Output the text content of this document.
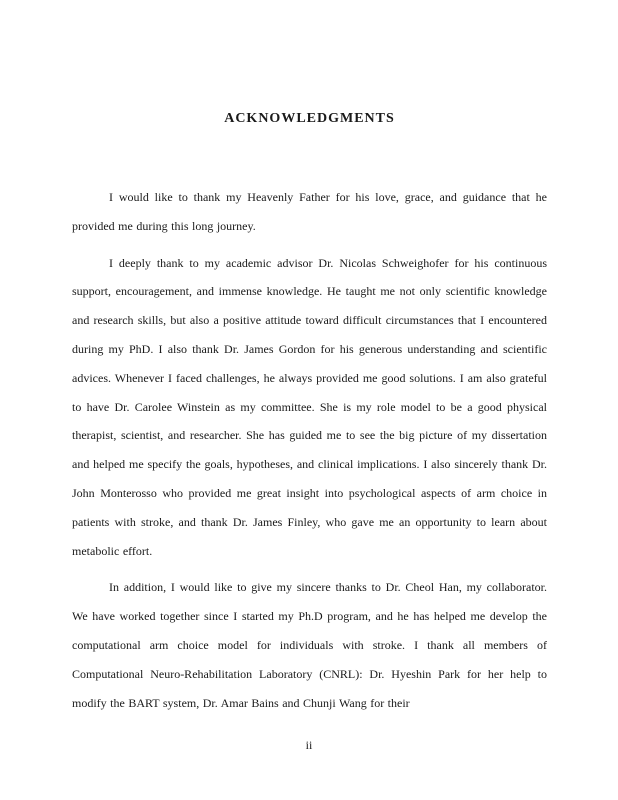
ACKNOWLEDGMENTS

I would like to thank my Heavenly Father for his love, grace, and guidance that he provided me during this long journey.

I deeply thank to my academic advisor Dr. Nicolas Schweighofer for his continuous support, encouragement, and immense knowledge. He taught me not only scientific knowledge and research skills, but also a positive attitude toward difficult circumstances that I encountered during my PhD. I also thank Dr. James Gordon for his generous understanding and scientific advices. Whenever I faced challenges, he always provided me good solutions. I am also grateful to have Dr. Carolee Winstein as my committee. She is my role model to be a good physical therapist, scientist, and researcher. She has guided me to see the big picture of my dissertation and helped me specify the goals, hypotheses, and clinical implications. I also sincerely thank Dr. John Monterosso who provided me great insight into psychological aspects of arm choice in patients with stroke, and thank Dr. James Finley, who gave me an opportunity to learn about metabolic effort.

In addition, I would like to give my sincere thanks to Dr. Cheol Han, my collaborator. We have worked together since I started my Ph.D program, and he has helped me develop the computational arm choice model for individuals with stroke. I thank all members of Computational Neuro-Rehabilitation Laboratory (CNRL): Dr. Hyeshin Park for her help to modify the BART system, Dr. Amar Bains and Chunji Wang for their

ii
